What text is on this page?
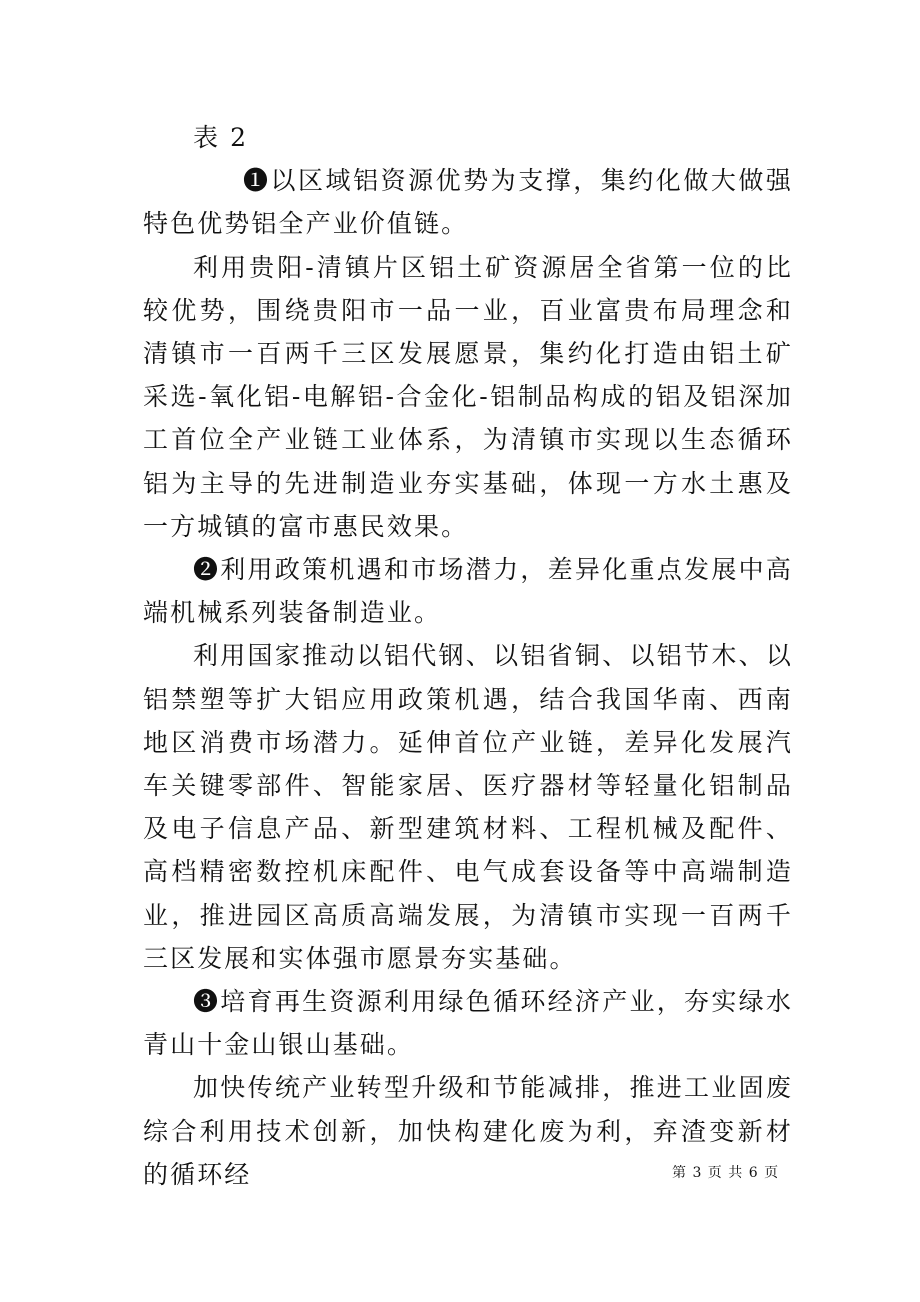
表 2

❶以区域铝资源优势为支撑，集约化做大做强特色优势铝全产业价值链。

利用贵阳-清镇片区铝土矿资源居全省第一位的比较优势，围绕贵阳市一品一业，百业富贵布局理念和清镇市一百两千三区发展愿景，集约化打造由铝土矿采选-氧化铝-电解铝-合金化-铝制品构成的铝及铝深加工首位全产业链工业体系，为清镇市实现以生态循环铝为主导的先进制造业夯实基础，体现一方水土惠及一方城镇的富市惠民效果。

❷利用政策机遇和市场潜力，差异化重点发展中高端机械系列装备制造业。

利用国家推动以铝代钢、以铝省铜、以铝节木、以铝禁塑等扩大铝应用政策机遇，结合我国华南、西南地区消费市场潜力。延伸首位产业链，差异化发展汽车关键零部件、智能家居、医疗器材等轻量化铝制品及电子信息产品、新型建筑材料、工程机械及配件、高档精密数控机床配件、电气成套设备等中高端制造业，推进园区高质高端发展，为清镇市实现一百两千三区发展和实体强市愿景夯实基础。

❸培育再生资源利用绿色循环经济产业，夯实绿水青山十金山银山基础。

加快传统产业转型升级和节能减排，推进工业固废综合利用技术创新，加快构建化废为利，弃渣变新材的循环经	第 3 页 共 6 页
